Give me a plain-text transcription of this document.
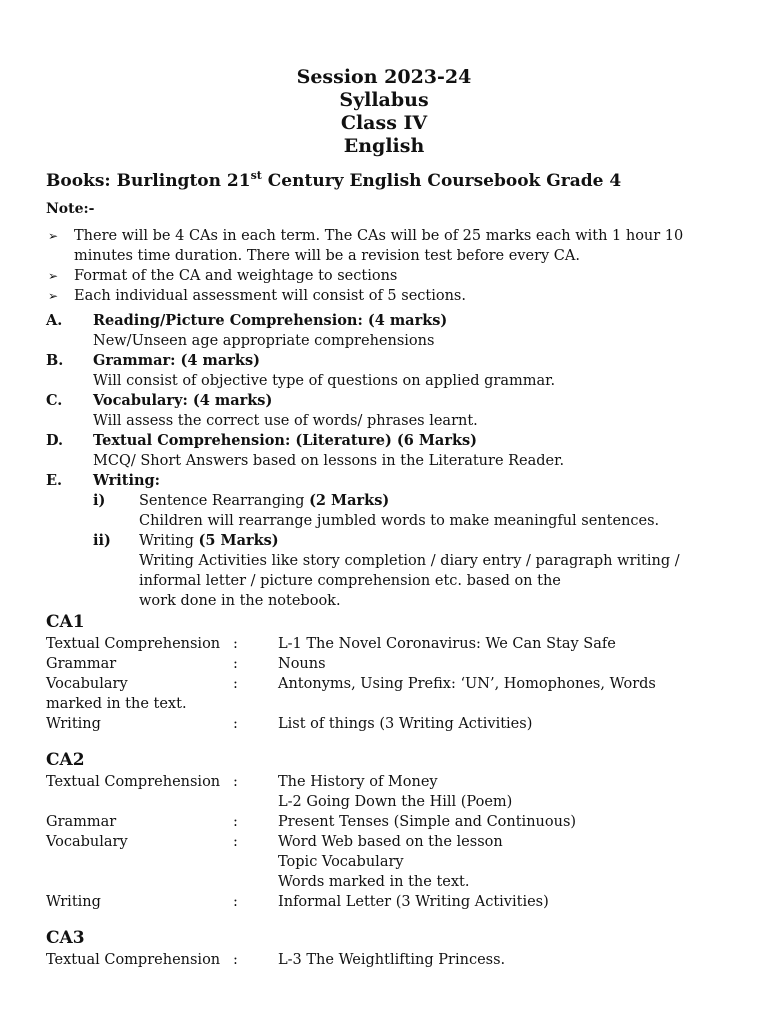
Session 2023-24
Syllabus
Class IV
English
Books: Burlington 21st Century English Coursebook Grade 4
Note:-
➢ There will be 4 CAs in each term. The CAs will be of 25 marks each with 1 hour 10 minutes time duration. There will be a revision test before every CA.
➢ Format of the CA and weightage to sections
➢ Each individual assessment will consist of 5 sections.
A. Reading/Picture Comprehension: (4 marks)
New/Unseen age appropriate comprehensions
B. Grammar: (4 marks)
Will consist of objective type of questions on applied grammar.
C. Vocabulary: (4 marks)
Will assess the correct use of words/ phrases learnt.
D. Textual Comprehension: (Literature) (6 Marks)
MCQ/ Short Answers based on lessons in the Literature Reader.
E. Writing:
i) Sentence Rearranging (2 Marks)
Children will rearrange jumbled words to make meaningful sentences.
ii) Writing (5 Marks)
Writing Activities like story completion / diary entry / paragraph writing /
informal letter / picture comprehension etc. based on the
work done in the notebook.
CA1
Textual Comprehension :	L-1 The Novel Coronavirus: We Can Stay Safe
Grammar	:	Nouns
Vocabulary	:	Antonyms, Using Prefix: ‘UN’, Homophones, Words
marked in the text.
Writing	:	List of things (3 Writing Activities)
CA2
Textual Comprehension :	The History of Money
L-2 Going Down the Hill (Poem)
Grammar	:	Present Tenses (Simple and Continuous)
Vocabulary	:	Word Web based on the lesson
Topic Vocabulary
Words marked in the text.
Writing	:	Informal Letter (3 Writing Activities)
CA3
Textual Comprehension :	L-3 The Weightlifting Princess.
